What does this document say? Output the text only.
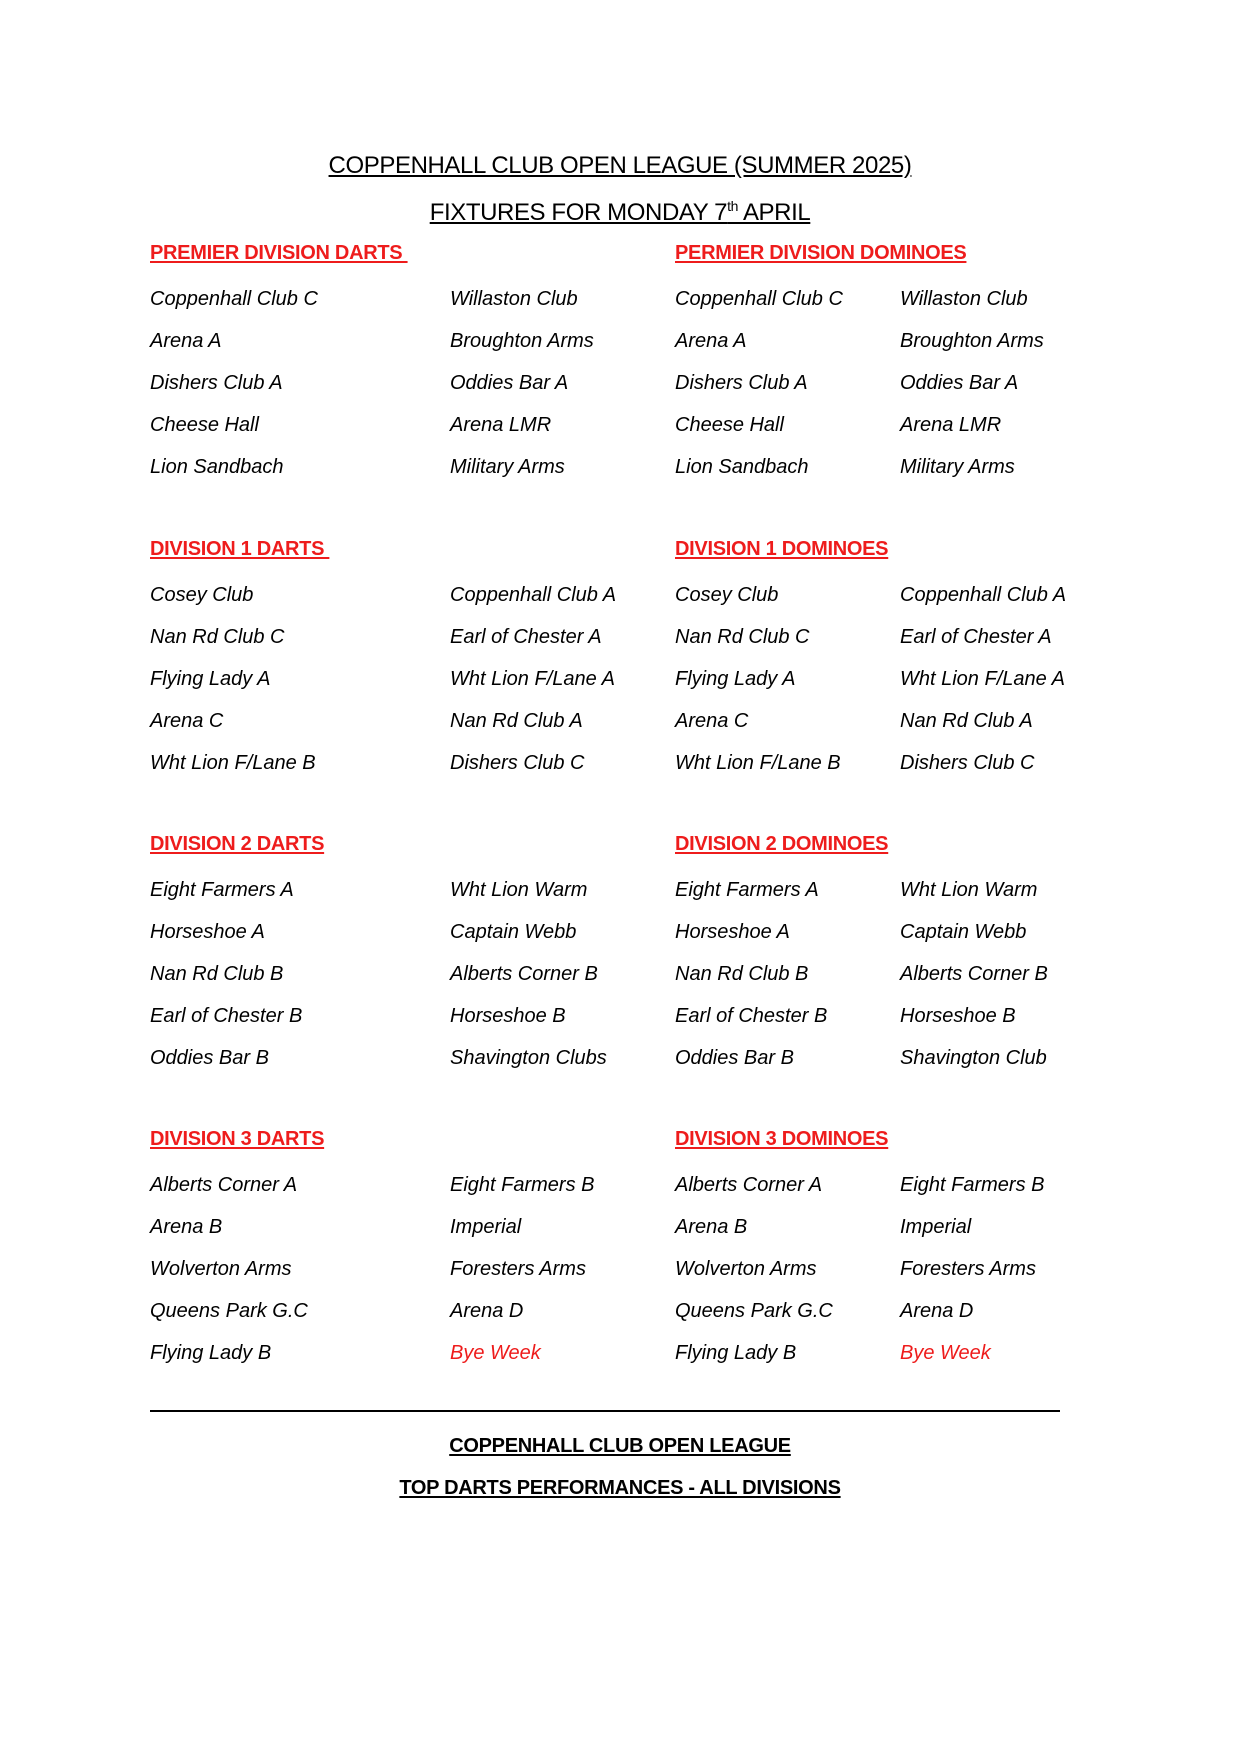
COPPENHALL CLUB OPEN LEAGUE (SUMMER 2025)
FIXTURES FOR MONDAY 7th APRIL
PREMIER DIVISION DARTS
Coppenhall Club C	Willaston Club
Arena A	Broughton Arms
Dishers Club A	Oddies Bar A
Cheese Hall	Arena LMR
Lion Sandbach	Military Arms
PERMIER DIVISION DOMINOES
Coppenhall Club C	Willaston Club
Arena A	Broughton Arms
Dishers Club A	Oddies Bar A
Cheese Hall	Arena LMR
Lion Sandbach	Military Arms
DIVISION 1 DARTS
Cosey Club	Coppenhall Club A
Nan Rd Club C	Earl of Chester A
Flying Lady A	Wht Lion F/Lane A
Arena C	Nan Rd Club A
Wht Lion F/Lane B	Dishers Club C
DIVISION 1 DOMINOES
Cosey Club	Coppenhall Club A
Nan Rd Club C	Earl of Chester A
Flying Lady A	Wht Lion F/Lane A
Arena C	Nan Rd Club A
Wht Lion F/Lane B	Dishers Club C
DIVISION 2 DARTS
Eight Farmers A	Wht Lion Warm
Horseshoe A	Captain Webb
Nan Rd Club B	Alberts Corner B
Earl of Chester B	Horseshoe B
Oddies Bar B	Shavington Clubs
DIVISION 2 DOMINOES
Eight Farmers A	Wht Lion Warm
Horseshoe A	Captain Webb
Nan Rd Club B	Alberts Corner B
Earl of Chester B	Horseshoe B
Oddies Bar B	Shavington Club
DIVISION 3 DARTS
Alberts Corner A	Eight Farmers B
Arena B	Imperial
Wolverton Arms	Foresters Arms
Queens Park G.C	Arena D
Flying Lady B	Bye Week
DIVISION 3 DOMINOES
Alberts Corner A	Eight Farmers B
Arena B	Imperial
Wolverton Arms	Foresters Arms
Queens Park G.C	Arena D
Flying Lady B	Bye Week
COPPENHALL CLUB OPEN LEAGUE
TOP DARTS PERFORMANCES - ALL DIVISIONS
